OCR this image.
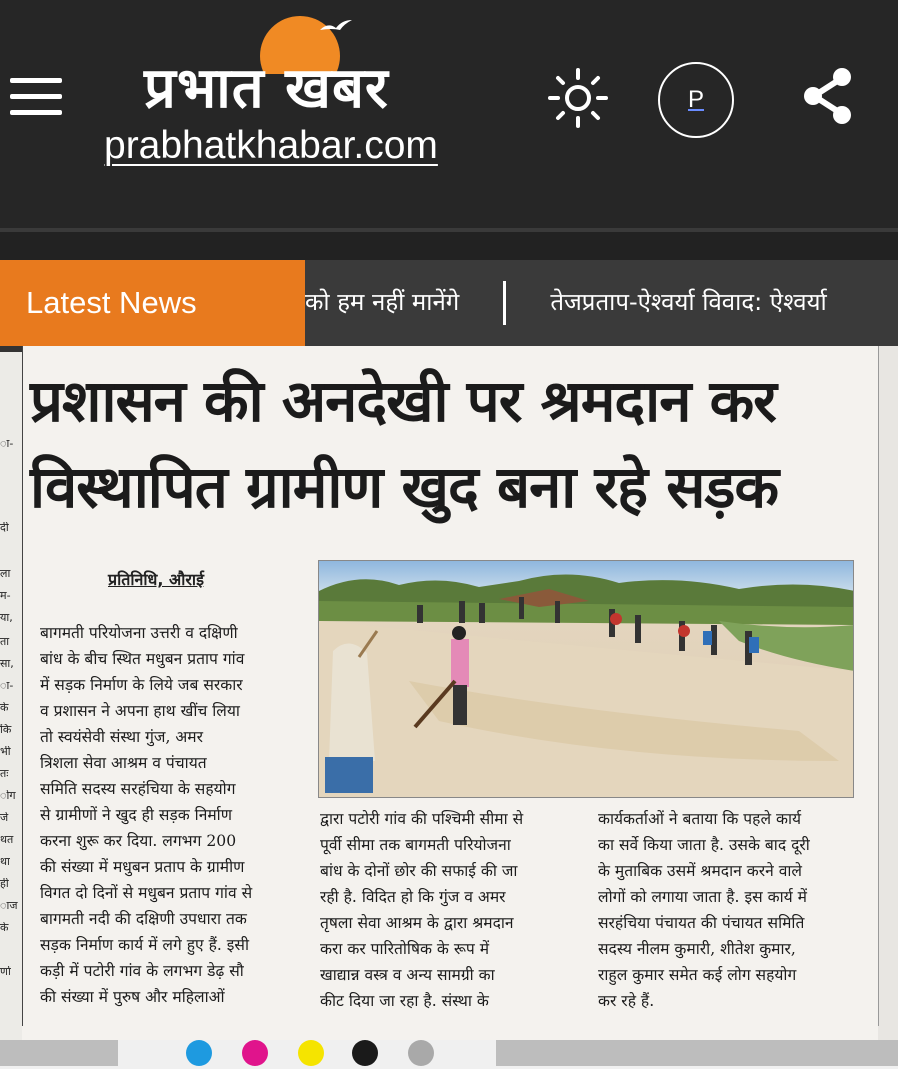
प्रभात खबर
prabhatkhabar.com
P
Latest News	को हम नहीं मानेंगे	तेजप्रताप-ऐश्वर्या विवाद: ऐश्वर्या
ा-
दी
ला
म-
या,
ता
सा,
ा-
के
कि
भी
तः
ोग
जे
थत
था
ही
ाज
के
र्णा
प्रशासन की अनदेखी पर श्रमदान कर
विस्थापित ग्रामीण खुद बना रहे सड़क
प्रतिनिधि, औराई
बागमती परियोजना उत्तरी व दक्षिणी
बांध के बीच स्थित मधुबन प्रताप गांव
में सड़क निर्माण के लिये जब सरकार
व प्रशासन ने अपना हाथ खींच लिया
तो स्वयंसेवी संस्था गुंज, अमर
त्रिशला सेवा आश्रम व पंचायत
समिति सदस्य सरहंचिया के सहयोग
से ग्रामीणों ने खुद ही सड़क निर्माण
करना शुरू कर दिया. लगभग 200
की संख्या में मधुबन प्रताप के ग्रामीण
विगत दो दिनों से मधुबन प्रताप गांव से
बागमती नदी की दक्षिणी उपधारा तक
सड़क निर्माण कार्य में लगे हुए हैं. इसी
कड़ी में पटोरी गांव के लगभग डेढ़ सौ
की संख्या में पुरुष और महिलाओं
द्वारा पटोरी गांव की पश्चिमी सीमा से
पूर्वी सीमा तक बागमती परियोजना
बांध के दोनों छोर की सफाई की जा
रही है. विदित हो कि गुंज व अमर
तृषला सेवा आश्रम के द्वारा श्रमदान
करा कर पारितोषिक के रूप में
खाद्यान्न वस्त्र व अन्य सामग्री का
कीट दिया जा रहा है. संस्था के
कार्यकर्ताओं ने बताया कि पहले कार्य
का सर्वे किया जाता है. उसके बाद दूरी
के मुताबिक उसमें श्रमदान करने वाले
लोगों को लगाया जाता है. इस कार्य में
सरहंचिया पंचायत की पंचायत समिति
सदस्य नीलम कुमारी, शीतेश कुमार,
राहुल कुमार समेत कई लोग सहयोग
कर रहे हैं.
